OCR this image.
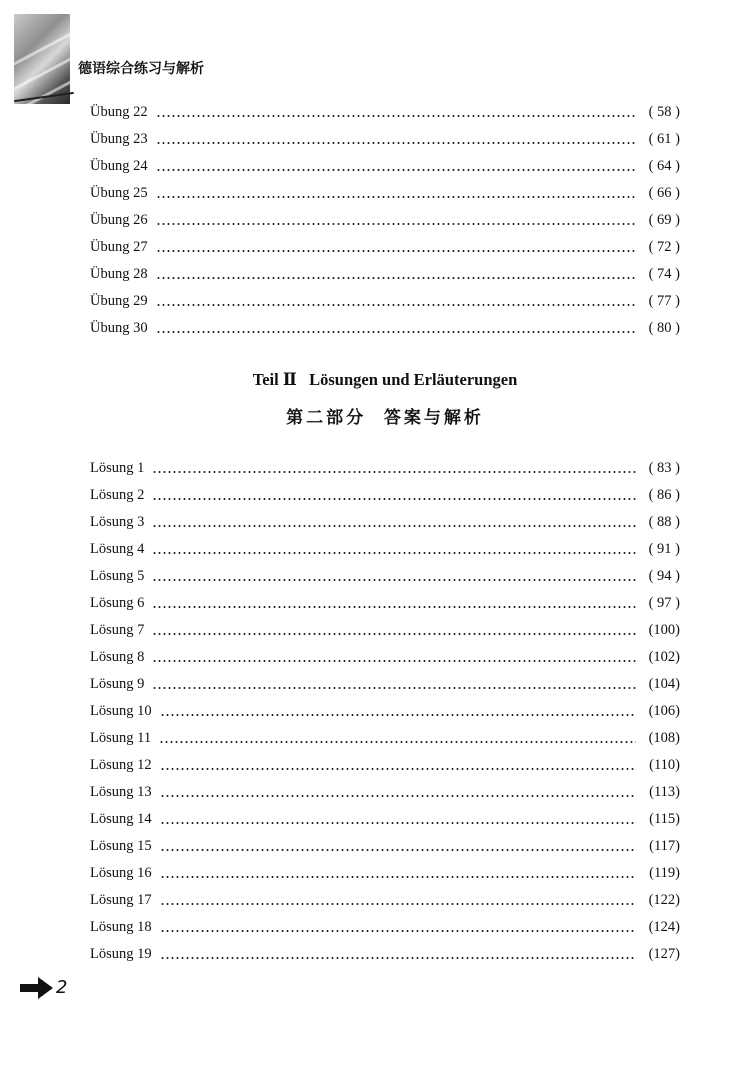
德语综合练习与解析
Übung 22	( 58 )
Übung 23	( 61 )
Übung 24	( 64 )
Übung 25	( 66 )
Übung 26	( 69 )
Übung 27	( 72 )
Übung 28	( 74 )
Übung 29	( 77 )
Übung 30	( 80 )
Teil Ⅱ   Lösungen und Erläuterungen
第二部分  答案与解析
Lösung 1	( 83 )
Lösung 2	( 86 )
Lösung 3	( 88 )
Lösung 4	( 91 )
Lösung 5	( 94 )
Lösung 6	( 97 )
Lösung 7	(100)
Lösung 8	(102)
Lösung 9	(104)
Lösung 10	(106)
Lösung 11	(108)
Lösung 12	(110)
Lösung 13	(113)
Lösung 14	(115)
Lösung 15	(117)
Lösung 16	(119)
Lösung 17	(122)
Lösung 18	(124)
Lösung 19	(127)
2
